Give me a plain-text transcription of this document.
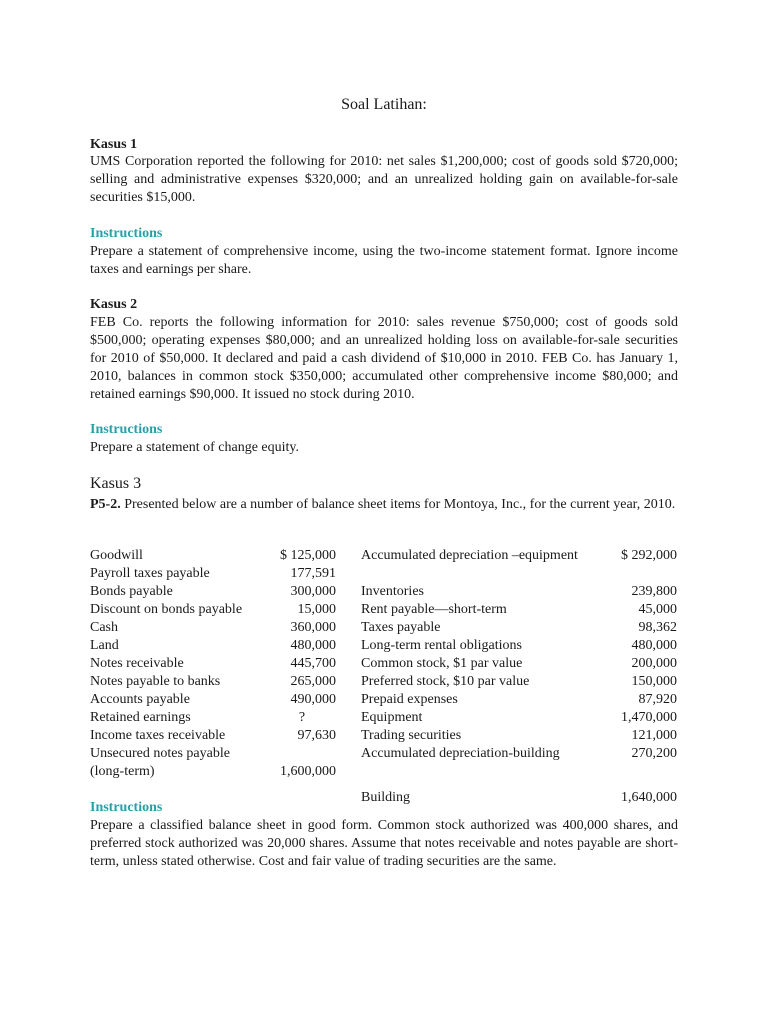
Soal Latihan:
Kasus 1
UMS Corporation reported the following for 2010: net sales $1,200,000; cost of goods sold $720,000; selling and administrative expenses $320,000; and an unrealized holding gain on available-for-sale securities $15,000.
Instructions
Prepare a statement of comprehensive income, using the two-income statement format. Ignore income taxes and earnings per share.
Kasus 2
FEB Co. reports the following information for 2010: sales revenue $750,000; cost of goods sold $500,000; operating expenses $80,000; and an unrealized holding loss on available-for-sale securities for 2010 of $50,000. It declared and paid a cash dividend of $10,000 in 2010. FEB Co. has January 1, 2010, balances in common stock $350,000; accumulated other comprehensive income $80,000; and retained earnings $90,000. It issued no stock during 2010.
Instructions
Prepare a statement of change equity.
Kasus 3
P5-2. Presented below are a number of balance sheet items for Montoya, Inc., for the current year, 2010.
Goodwill	$ 125,000	Accumulated depreciation –equipment	$ 292,000
Payroll taxes payable	177,591		
Bonds payable	300,000	Inventories	239,800
Discount on bonds payable	15,000	Rent payable—short-term	45,000
Cash	360,000	Taxes payable	98,362
Land	480,000	Long-term rental obligations	480,000
Notes receivable	445,700	Common stock, $1 par value	200,000
Notes payable to banks	265,000	Preferred stock, $10 par value	150,000
Accounts payable	490,000	Prepaid expenses	87,920
Retained earnings	?	Equipment	1,470,000
Income taxes receivable	97,630	Trading securities	121,000
Unsecured notes payable		Accumulated depreciation-building	270,200
(long-term)	1,600,000		
		Building	1,640,000
Instructions
Prepare a classified balance sheet in good form. Common stock authorized was 400,000 shares, and preferred stock authorized was 20,000 shares. Assume that notes receivable and notes payable are short-term, unless stated otherwise. Cost and fair value of trading securities are the same.
